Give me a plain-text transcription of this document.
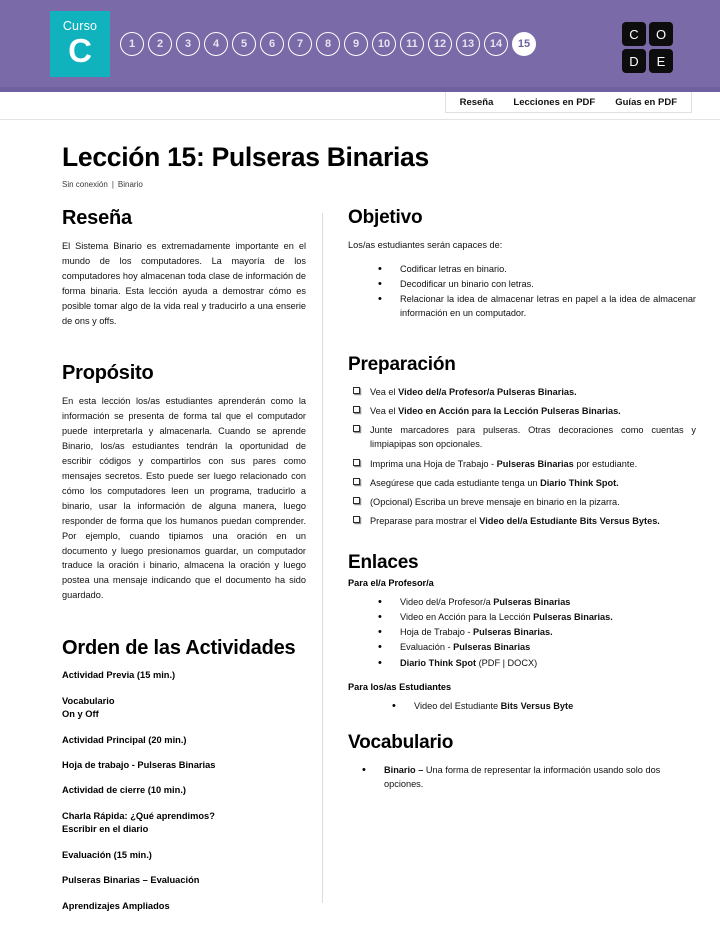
Curso
C	1	2	3	4	5	6	7	8	9	10	11	12	13	14	15
C	O
D	E
Reseña Lecciones en PDF Guías en PDF
Lección 15: Pulseras Binarias
Sin conexión | Binario
Reseña

El Sistema Binario es extremadamente importante en el mundo de los computadores. La mayoría de los computadores hoy almacenan toda clase de información de forma binaria. Esta lección ayuda a demostrar cómo es posible tomar algo de la vida real y traducirlo a una enserie de ons y offs.

Propósito

En esta lección los/as estudiantes aprenderán como la información se presenta de forma tal que el computador puede interpretarla y almacenarla. Cuando se aprende Binario, los/as estudiantes tendrán la oportunidad de escribir códigos y compartirlos con sus pares como mensajes secretos. Esto puede ser luego relacionado con cómo los computadores leen un programa, traducirlo a binario, usar la información de alguna manera, luego responder de forma que los humanos puedan comprender. Por ejemplo, cuando tipiamos una oración en un documento y luego presionamos guardar, un computador traduce la oración i binario, almacena la oración y luego postea una mensaje indicando que el documento ha sido guardado.

Orden de las Actividades
Actividad Previa (15 min.)
Vocabulario
On y Off
Actividad Principal (20 min.)
Hoja de trabajo - Pulseras Binarias
Actividad de cierre (10 min.)
Charla Rápida: ¿Qué aprendimos?
Escribir en el diario
Evaluación (15 min.)
Pulseras Binarias – Evaluación
Aprendizajes Ampliados
Objetivo

Los/as estudiantes serán capaces de:

• Codificar letras en binario.
• Decodificar un binario con letras.
• Relacionar la idea de almacenar letras en papel a la idea de almacenar información en un computador.
Preparación
Vea el Video del/a Profesor/a Pulseras Binarias.
Vea el Video en Acción para la Lección Pulseras Binarias.
Junte marcadores para pulseras. Otras decoraciones como cuentas y limpiapipas son opcionales.
Imprima una Hoja de Trabajo - Pulseras Binarias por estudiante.
Asegúrese que cada estudiante tenga un Diario Think Spot.
(Opcional) Escriba un breve mensaje en binario en la pizarra.
Preparase para mostrar el Video del/a Estudiante Bits Versus Bytes.
Enlaces
Para el/a Profesor/a
• Video del/a Profesor/a Pulseras Binarias
• Video en Acción para la Lección Pulseras Binarias.
• Hoja de Trabajo - Pulseras Binarias.
• Evaluación - Pulseras Binarias
• Diario Think Spot (PDF | DOCX)
Para los/as Estudiantes
• Video del Estudiante Bits Versus Byte
Vocabulario
• Binario – Una forma de representar la información usando solo dos opciones.
